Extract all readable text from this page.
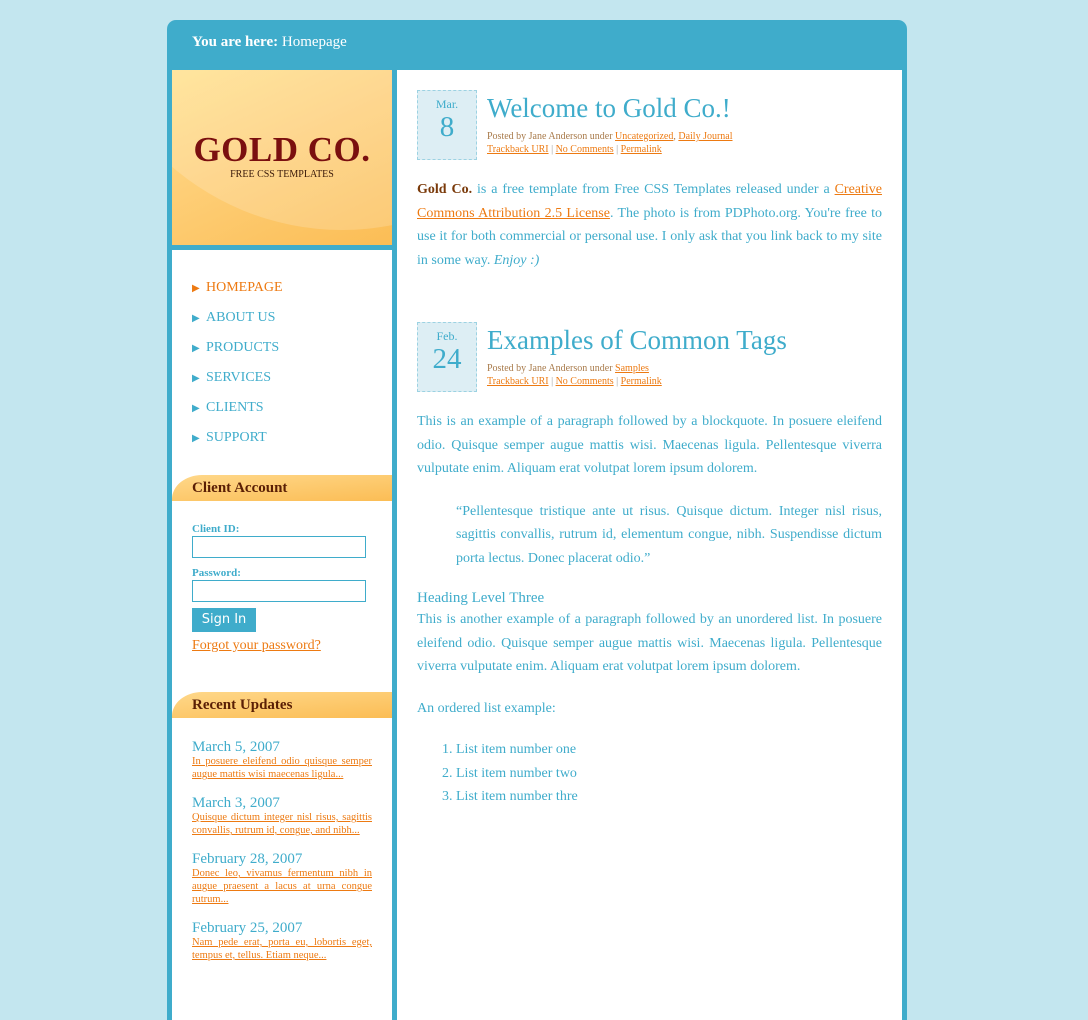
You are here: Homepage
GOLD CO.
FREE CSS TEMPLATES
▶​ HOMEPAGE
▶ ABOUT US
▶ PRODUCTS
▶ SERVICES
▶ CLIENTS
▶ SUPPORT
Client Account
Client ID:
Password:
Sign In
Forgot your password?
Recent Updates
March 5, 2007
In posuere eleifend odio quisque semper augue mattis wisi maecenas ligula...
March 3, 2007
Quisque dictum integer nisl risus, sagittis convallis, rutrum id, congue, and nibh...
February 28, 2007
Donec leo, vivamus fermentum nibh in augue praesent a lacus at urna congue rutrum...
February 25, 2007
Nam pede erat, porta eu, lobortis eget, tempus et, tellus. Etiam neque...
Mar.
8
Welcome to Gold Co.!
Posted by Jane Anderson under Uncategorized, Daily Journal
Trackback URI | No Comments | Permalink

Gold Co. is a free template from Free CSS Templates released under a Creative Commons Attribution 2.5 License. The photo is from PDPhoto.org. You're free to use it for both commercial or personal use. I only ask that you link back to my site in some way. Enjoy :)

Feb.
24
Examples of Common Tags
Posted by Jane Anderson under Samples
Trackback URI | No Comments | Permalink

This is an example of a paragraph followed by a blockquote. In posuere eleifend odio. Quisque semper augue mattis wisi. Maecenas ligula. Pellentesque viverra vulputate enim. Aliquam erat volutpat lorem ipsum dolorem.

“Pellentesque tristique ante ut risus. Quisque dictum. Integer nisl risus, sagittis convallis, rutrum id, elementum congue, nibh. Suspendisse dictum porta lectus. Donec placerat odio.”
Heading Level Three

This is another example of a paragraph followed by an unordered list. In posuere eleifend odio. Quisque semper augue mattis wisi. Maecenas ligula. Pellentesque viverra vulputate enim. Aliquam erat volutpat lorem ipsum dolorem.

An ordered list example:

1. List item number one
2. List item number two
3. List item number thre
